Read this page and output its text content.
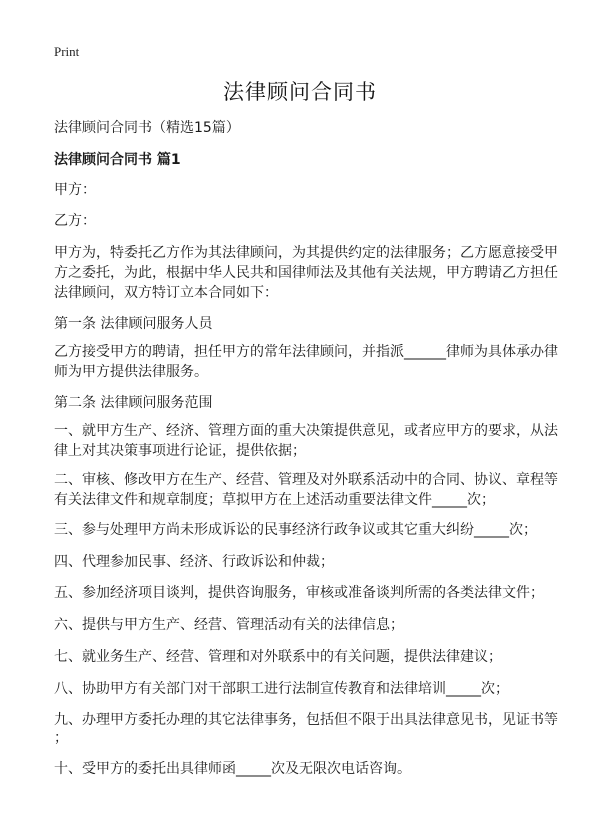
Print
法律顾问合同书
法律顾问合同书（精选15篇）
法律顾问合同书 篇1
甲方：
乙方：
甲方为，特委托乙方作为其法律顾问，为其提供约定的法律服务；乙方愿意接受甲
方之委托，为此，根据中华人民共和国律师法及其他有关法规，甲方聘请乙方担任
法律顾问，双方特订立本合同如下：
第一条 法律顾问服务人员
乙方接受甲方的聘请，担任甲方的常年法律顾问，并指派______律师为具体承办律
师为甲方提供法律服务。
第二条 法律顾问服务范围
一、就甲方生产、经济、管理方面的重大决策提供意见，或者应甲方的要求，从法
律上对其决策事项进行论证，提供依据；
二、审核、修改甲方在生产、经营、管理及对外联系活动中的合同、协议、章程等
有关法律文件和规章制度；草拟甲方在上述活动重要法律文件_____次；
三、参与处理甲方尚未形成诉讼的民事经济行政争议或其它重大纠纷_____次；
四、代理参加民事、经济、行政诉讼和仲裁；
五、参加经济项目谈判，提供咨询服务，审核或准备谈判所需的各类法律文件；
六、提供与甲方生产、经营、管理活动有关的法律信息；
七、就业务生产、经营、管理和对外联系中的有关问题，提供法律建议；
八、协助甲方有关部门对干部职工进行法制宣传教育和法律培训_____次；
九、办理甲方委托办理的其它法律事务，包括但不限于出具法律意见书，见证书等
；
十、受甲方的委托出具律师函_____次及无限次电话咨询。
